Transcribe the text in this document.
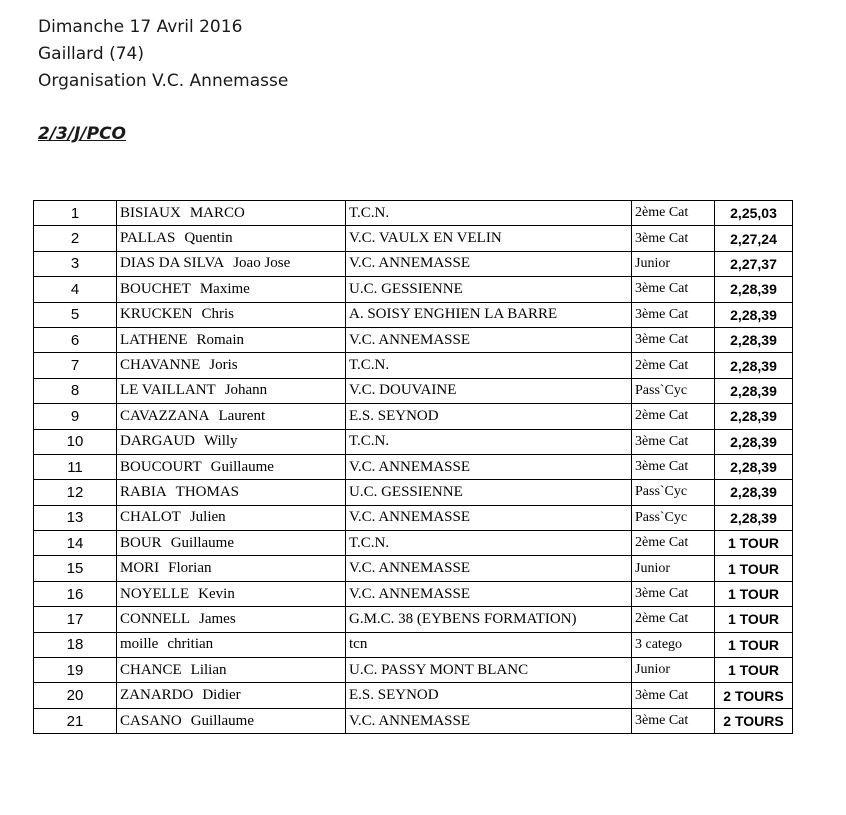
Dimanche 17 Avril 2016
Gaillard (74)
Organisation V.C. Annemasse
2/3/J/PCO
1	BISIAUX MARCO	T.C.N.	2ème Cat	2,25,03
2	PALLAS Quentin	V.C. VAULX EN VELIN	3ème Cat	2,27,24
3	DIAS DA SILVA Joao Jose	V.C. ANNEMASSE	Junior	2,27,37
4	BOUCHET Maxime	U.C. GESSIENNE	3ème Cat	2,28,39
5	KRUCKEN Chris	A. SOISY ENGHIEN LA BARRE	3ème Cat	2,28,39
6	LATHENE Romain	V.C. ANNEMASSE	3ème Cat	2,28,39
7	CHAVANNE Joris	T.C.N.	2ème Cat	2,28,39
8	LE VAILLANT Johann	V.C. DOUVAINE	Pass`Cyc	2,28,39
9	CAVAZZANA Laurent	E.S. SEYNOD	2ème Cat	2,28,39
10	DARGAUD Willy	T.C.N.	3ème Cat	2,28,39
11	BOUCOURT Guillaume	V.C. ANNEMASSE	3ème Cat	2,28,39
12	RABIA THOMAS	U.C. GESSIENNE	Pass`Cyc	2,28,39
13	CHALOT Julien	V.C. ANNEMASSE	Pass`Cyc	2,28,39
14	BOUR Guillaume	T.C.N.	2ème Cat	1 TOUR
15	MORI Florian	V.C. ANNEMASSE	Junior	1 TOUR
16	NOYELLE Kevin	V.C. ANNEMASSE	3ème Cat	1 TOUR
17	CONNELL James	G.M.C. 38 (EYBENS FORMATION)	2ème Cat	1 TOUR
18	moille chritian	tcn	3 catego	1 TOUR
19	CHANCE Lilian	U.C. PASSY MONT BLANC	Junior	1 TOUR
20	ZANARDO Didier	E.S. SEYNOD	3ème Cat	2 TOURS
21	CASANO Guillaume	V.C. ANNEMASSE	3ème Cat	2 TOURS
